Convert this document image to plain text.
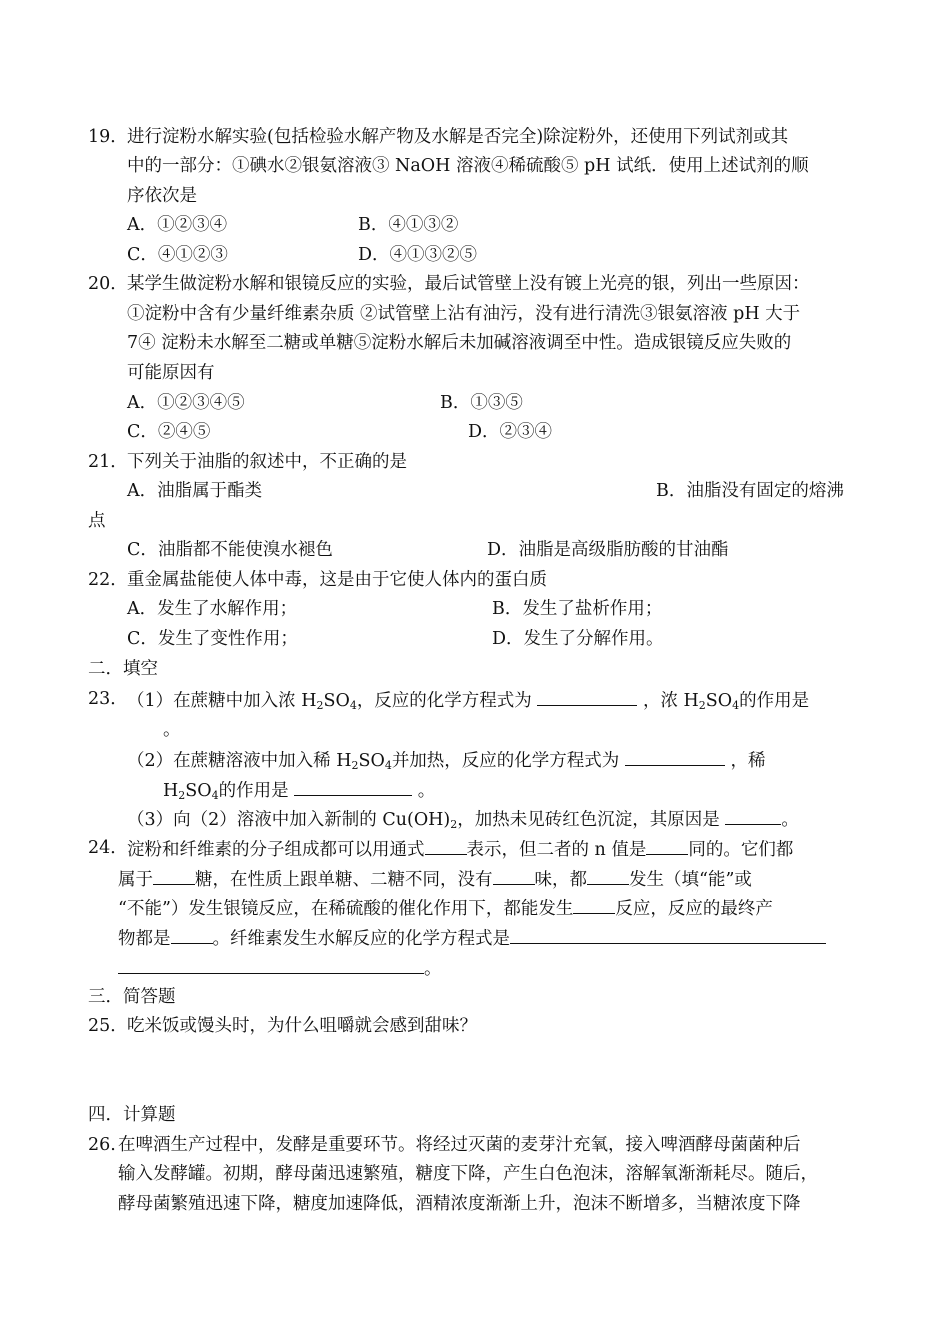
19． 进行淀粉水解实验(包括检验水解产物及水解是否完全)除淀粉外，还使用下列试剂或其
中的一部分：①碘水②银氨溶液③ NaOH 溶液④稀硫酸⑤ pH 试纸．使用上述试剂的顺
序依次是
A．①②③④	B．④①③②
C．④①②③	D．④①③②⑤
20． 某学生做淀粉水解和银镜反应的实验，最后试管壁上没有镀上光亮的银，列出一些原因：
①淀粉中含有少量纤维素杂质 ②试管壁上沾有油污，没有进行清洗③银氨溶液 pH 大于
7④ 淀粉未水解至二糖或单糖⑤淀粉水解后未加碱溶液调至中性。造成银镜反应失败的
可能原因有
A．①②③④⑤	B．①③⑤
C．②④⑤	D．②③④
21． 下列关于油脂的叙述中，不正确的是
A．油脂属于酯类	B．油脂没有固定的熔沸
点
C．油脂都不能使溴水褪色	D．油脂是高级脂肪酸的甘油酯
22． 重金属盐能使人体中毒，这是由于它使人体内的蛋白质
A．发生了水解作用；	B．发生了盐析作用；
C．发生了变性作用；	D．发生了分解作用。
二．填空
23． （1）在蔗糖中加入浓 $H_2SO_4$，反应的化学方程式为	，浓 $H_2SO_4$的作用是
。
（2）在蔗糖溶液中加入稀 $H_2SO_4$并加热，反应的化学方程式为	，稀
$H_2SO_4$的作用是	。
（3）向（2）溶液中加入新制的 $Cu(OH)_2$，加热未见砖红色沉淀，其原因是	。
24． 淀粉和纤维素的分子组成都可以用通式 表示，但二者的 n 值是 同的。它们都
属于 糖，在性质上跟单糖、二糖不同，没有 味，都 发生（填“能”或
“不能”）发生银镜反应，在稀硫酸的催化作用下，都能发生 反应，反应的最终产
物都是 。纤维素发生水解反应的化学方程式是
。
三．简答题
25． 吃米饭或馒头时，为什么咀嚼就会感到甜味？
四．计算题
26. 在啤酒生产过程中，发酵是重要环节。将经过灭菌的麦芽汁充氧，接入啤酒酵母菌菌种后
输入发酵罐。初期，酵母菌迅速繁殖，糖度下降，产生白色泡沫，溶解氧渐渐耗尽。随后，
酵母菌繁殖迅速下降，糖度加速降低，酒精浓度渐渐上升，泡沫不断增多，当糖浓度下降
